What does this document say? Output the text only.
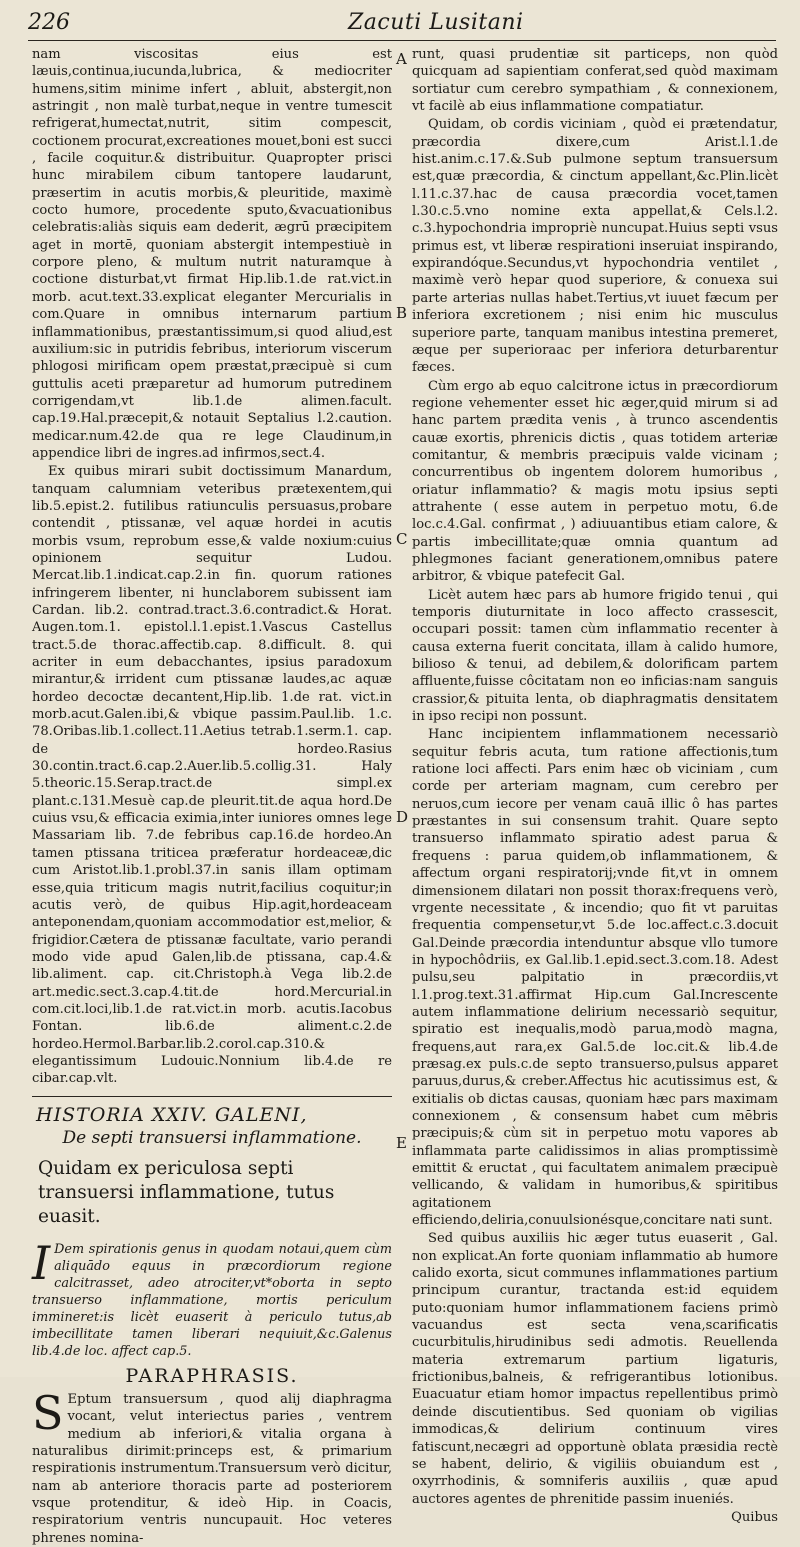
226	Zacuti Lusitani
A
B
C
D
E

nam viscositas eius est læuis,continua,iucunda,lubrica, & mediocriter humens,sitim minime infert , abluit, abstergit,non astringit , non malè turbat,neque in ventre tumescit refrigerat,humectat,nutrit, sitim compescit, coctionem procurat,excreationes mouet,boni est succi , facile coquitur.& distribuitur. Quapropter prisci hunc mirabilem cibum tantopere laudarunt, præsertim in acutis morbis,& pleuritide, maximè cocto humore, procedente sputo,&vacuationibus celebratis:aliàs siquis eam dederit, ægrū præcipitem aget in mortē, quoniam abstergit intempestiuè in corpore pleno, & multum nutrit naturamque à coctione disturbat,vt firmat Hip.lib.1.de rat.vict.in morb. acut.text.33.explicat eleganter Mercurialis in com.Quare in omnibus internarum partium inflammationibus, præstantissimum,si quod aliud,est auxilium:sic in putridis febribus, interiorum viscerum phlogosi mirificam opem præstat,præcipuè si cum guttulis aceti præparetur ad humorum putredinem corrigendam,vt lib.1.de alimen.facult. cap.19.Hal.præcepit,& notauit Septalius l.2.caution. medicar.num.42.de qua re lege Claudinum,in appendice libri de ingres.ad infirmos,sect.4.

Ex quibus mirari subit doctissimum Manardum, tanquam calumniam veteribus prætexentem,qui lib.5.epist.2. futilibus ratiunculis persuasus,probare contendit , ptissanæ, vel aquæ hordei in acutis morbis vsum, reprobum esse,& valde noxium:cuius opinionem sequitur Ludou. Mercat.lib.1.indicat.cap.2.in fin. quorum rationes infringerem libenter, ni hunclaborem subissent iam Cardan. lib.2. contrad.tract.3.6.contradict.& Horat. Augen.tom.1. epistol.l.1.epist.1.Vascus Castellus tract.5.de thorac.affectib.cap. 8.difficult. 8. qui acriter in eum debacchantes, ipsius paradoxum mirantur,& irrident cum ptissanæ laudes,ac aquæ hordeo decoctæ decantent,Hip.lib. 1.de rat. vict.in morb.acut.Galen.ibi,& vbique passim.Paul.lib. 1.c. 78.Oribas.lib.1.collect.11.Aetius tetrab.1.serm.1. cap. de hordeo.Rasius 30.contin.tract.6.cap.2.Auer.lib.5.collig.31. Haly 5.theoric.15.Serap.tract.de simpl.ex plant.c.131.Mesuè cap.de pleurit.tit.de aqua hord.De cuius vsu,& efficacia eximia,inter iuniores omnes lege Massariam lib. 7.de febribus cap.16.de hordeo.An tamen ptissana triticea præferatur hordeaceæ,dic cum Aristot.lib.1.probl.37.in sanis illam optimam esse,quia triticum magis nutrit,facilius coquitur;in acutis verò, de quibus Hip.agit,hordeaceam anteponendam,quoniam accommodatior est,melior, & frigidior.Cætera de ptissanæ facultate, vario perandi modo vide apud Galen,lib.de ptissana, cap.4.& lib.aliment. cap. cit.Christoph.à Vega lib.2.de art.medic.sect.3.cap.4.tit.de hord.Mercurial.in com.cit.loci,lib.1.de rat.vict.in morb. acutis.Iacobus Fontan. lib.6.de aliment.c.2.de hordeo.Hermol.Barbar.lib.2.corol.cap.310.& elegantissimum Ludouic.Nonnium lib.4.de re cibar.cap.vlt.

HISTORIA XXIV. GALENI,
De septi transuersi inflammatione.
Quidam ex periculosa septi transuersi inflammatione, tutus euasit.

I Dem spirationis genus in quodam notaui,quem cùm aliquādo equus in præcordiorum regione calcitrasset, adeo atrociter,vt*oborta in septo transuerso inflammatione, mortis periculum immineret:is licèt euaserit à periculo tutus,ab imbecillitate tamen liberari nequiuit,&c.Galenus lib.4.de loc. affect cap.5.

PARAPHRASIS.

S Eptum transuersum , quod alij diaphragma vocant, velut interiectus paries , ventrem medium ab inferiori,& vitalia organa à naturalibus dirimit:princeps est, & primarium respirationis instrumentum.Transuersum verò dicitur, nam ab anteriore thoracis parte ad posteriorem vsque protenditur, & ideò Hip. in Coacis, respiratorium ventris nuncupauit. Hoc veteres phrenes nomina-

runt, quasi prudentiæ sit particeps, non quòd quicquam ad sapientiam conferat,sed quòd maximam sortiatur cum cerebro sympathiam , & connexionem, vt facilè ab eius inflammatione compatiatur.

Quidam, ob cordis viciniam , quòd ei prætendatur, præcordia dixere,cum Arist.l.1.de hist.anim.c.17.&.Sub pulmone septum transuersum est,quæ præcordia, & cinctum appellant,&c.Plin.licèt l.11.c.37.hac de causa præcordia vocet,tamen l.30.c.5.vno nomine exta appellat,& Cels.l.2. c.3.hypochondria impropriè nuncupat.Huius septi vsus primus est, vt liberæ respirationi inseruiat inspirando, expirandóque.Secundus,vt hypochondria ventilet , maximè verò hepar quod superiore, & conuexa sui parte arterias nullas habet.Tertius,vt iuuet fæcum per inferiora excretionem ; nisi enim hic musculus superiore parte, tanquam manibus intestina premeret, æque per superioraac per inferiora deturbarentur fæces.

Cùm ergo ab equo calcitrone ictus in præcordiorum regione vehementer esset hic æger,quid mirum si ad hanc partem prædita venis , à trunco ascendentis cauæ exortis, phrenicis dictis , quas totidem arteriæ comitantur, & membris præcipuis valde vicinam ; concurrentibus ob ingentem dolorem humoribus , oriatur inflammatio? & magis motu ipsius septi attrahente ( esse autem in perpetuo motu, 6.de loc.c.4.Gal. confirmat , ) adiuuantibus etiam calore, & partis imbecillitate;quæ omnia quantum ad phlegmones faciant generationem,omnibus patere arbitror, & vbique patefecit Gal.

Licèt autem hæc pars ab humore frigido tenui , qui temporis diuturnitate in loco affecto crassescit, occupari possit: tamen cùm inflammatio recenter à causa externa fuerit concitata, illam à calido humore, bilioso & tenui, ad debilem,& dolorificam partem affluente,fuisse côcitatam non eo inficias:nam sanguis crassior,& pituita lenta, ob diaphragmatis densitatem in ipso recipi non possunt.

Hanc incipientem inflammationem necessariò sequitur febris acuta, tum ratione affectionis,tum ratione loci affecti. Pars enim hæc ob viciniam , cum corde per arteriam magnam, cum cerebro per neruos,cum iecore per venam cauā illic ô has partes præstantes in sui consensum trahit. Quare septo transuerso inflammato spiratio adest parua & frequens : parua quidem,ob inflammationem, & affectum organi respiratorij;vnde fit,vt in omnem dimensionem dilatari non possit thorax:frequens verò, vrgente necessitate , & incendio; quo fit vt paruitas frequentia compensetur,vt 5.de loc.affect.c.3.docuit Gal.Deinde præcordia intenduntur absque vllo tumore in hypochôdriis, ex Gal.lib.1.epid.sect.3.com.18. Adest pulsu,seu palpitatio in præcordiis,vt l.1.prog.text.31.affirmat Hip.cum Gal.Increscente autem inflammatione delirium necessariò sequitur, spiratio est inequalis,modò parua,modò magna, frequens,aut rara,ex Gal.5.de loc.cit.& lib.4.de præsag.ex puls.c.de septo transuerso,pulsus apparet paruus,durus,& creber.Affectus hic acutissimus est, & exitialis ob dictas causas, quoniam hæc pars maximam connexionem , & consensum habet cum mēbris præcipuis;& cùm sit in perpetuo motu vapores ab inflammata parte calidissimos in alias promptissimè emittit & eructat , qui facultatem animalem præcipuè vellicando, & validam in humoribus,& spiritibus agitationem efficiendo,deliria,conuulsionésque,concitare nati sunt.

Sed quibus auxiliis hic æger tutus euaserit , Gal. non explicat.An forte quoniam inflammatio ab humore calido exorta, sicut communes inflammationes partium principum curantur, tractanda est:id equidem puto:quoniam humor inflammationem faciens primò vacuandus est secta vena,scarificatis cucurbitulis,hirudinibus sedi admotis. Reuellenda materia extremarum partium ligaturis, frictionibus,balneis, & refrigerantibus lotionibus. Euacuatur etiam homor impactus repellentibus primò deinde discutientibus. Sed quoniam ob vigilias immodicas,& delirium continuum vires fatiscunt,necægri ad opportunè oblata præsidia rectè se habent, delirio, & vigiliis obuiandum est , oxyrrhodinis, & somniferis auxiliis , quæ apud auctores agentes de phrenitide passim inueniés.

Quibus
